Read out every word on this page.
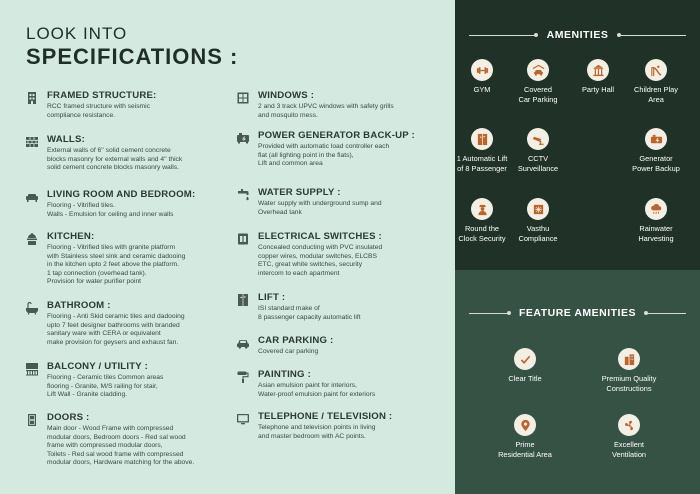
LOOK INTO
SPECIFICATIONS :
FRAMED STRUCTURE:

RCC framed structure with seismic
compliance resistance.

WALLS:

External walls of 6'' solid cement concrete
blocks masonry for external walls and 4'' thick
solid cement concrete blocks masonry walls.

LIVING ROOM AND BEDROOM:

Flooring - Vitrified tiles.
Walls - Emulsion for ceiling and inner walls

KITCHEN:

Flooring - Vitrified tiles with granite platform
with Stainless steel sink and ceramic dadooing
in the kitchen upto 2 feet above the platform.
1 tap connection (overhead tank).
Provision for water purifier point

BATHROOM :

Flooring - Anti Skid ceramic tiles and dadooing
upto 7 feet designer bathrooms with branded
sanitary ware with CERA or equivalent
make provision for geysers and exhaust fan.

BALCONY / UTILITY :

Flooring - Ceramic tiles Common areas
flooring - Granite, M/S railing for stair,
Lift Wall - Granite cladding.

DOORS :

Main door - Wood Frame with compressed
modular doors, Bedroom doors - Red sal wood
frame with compressed modular doors,
Toilets - Red sal wood frame with compressed
modular doors, Hardware matching for the above.

WINDOWS :

2 and 3 track UPVC windows with safety grills
and mosquito mess.

POWER GENERATOR BACK-UP :

Provided with automatic load controller each
flat (all lighting point in the flats),
Lift and common area

WATER SUPPLY :

Water supply with underground sump and
Overhead tank

ELECTRICAL SWITCHES :

Concealed conducting with PVC insulated
copper wires, modular switches, ELCBS
ETC, great white switches, security
intercom to each apartment

LIFT :

ISI standard make of
8 passenger capacity automatic lift

CAR PARKING :

Covered car parking

PAINTING :

Asian emulsion paint for interiors,
Water-proof emulsion paint for exteriors

TELEPHONE / TELEVISION :

Telephone and television points in living
and master bedroom with AC points.

AMENITIES
GYM	Covered
Car Parking
Party Hall	Children Play
Area
1 Automatic Lift
of 8 Passenger
CCTV
Surveillance
Generator
Power Backup
Round the
Clock Security
Vasthu
Compliance
Rainwater
Harvesting
FEATURE AMENITIES
Clear Title	Premium Quality
Constructions
Prime
Residential Area
Excellent
Ventilation
